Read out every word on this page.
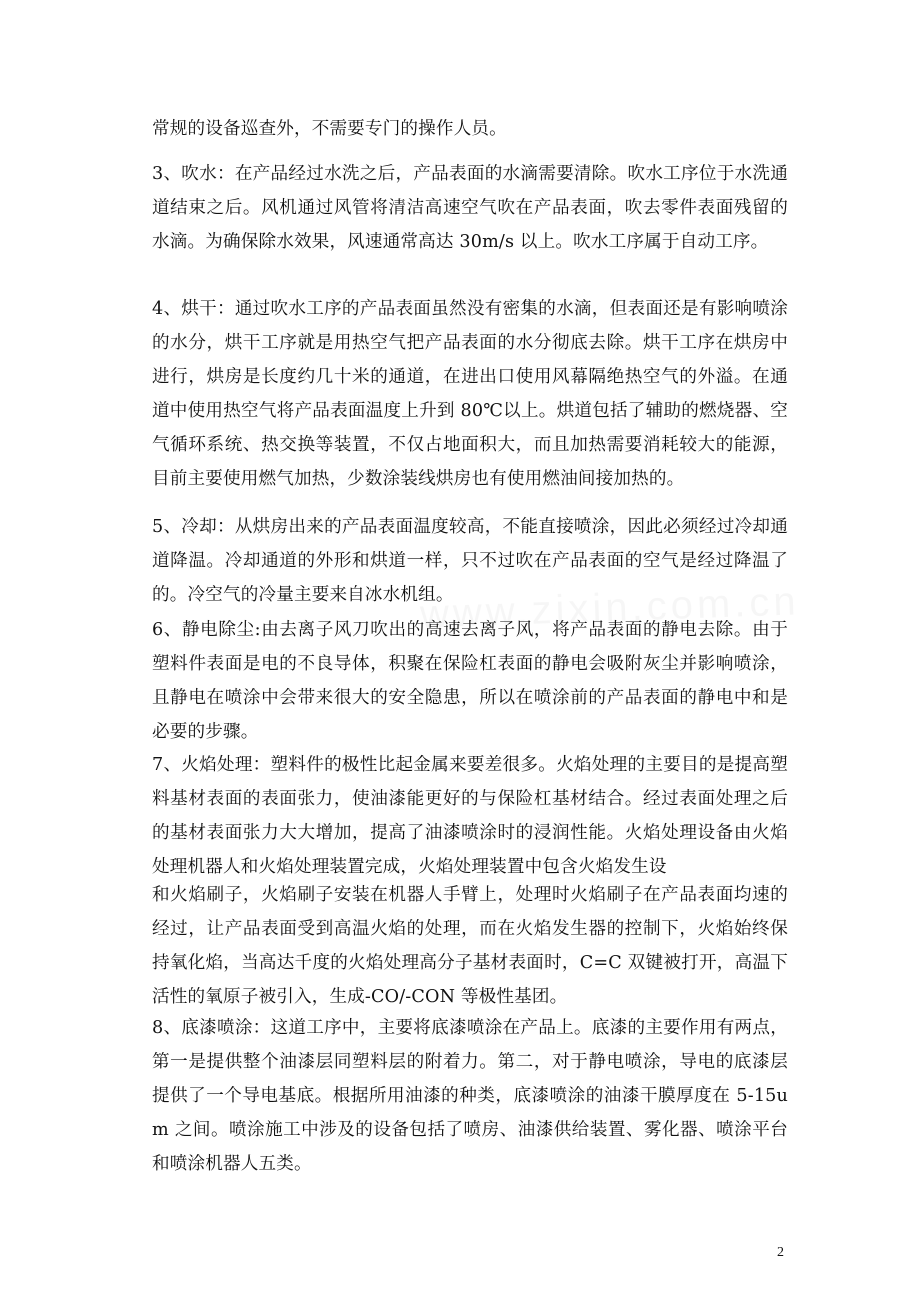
常规的设备巡查外，不需要专门的操作人员。

3、吹水：在产品经过水洗之后，产品表面的水滴需要清除。吹水工序位于水洗通道结束之后。风机通过风管将清洁高速空气吹在产品表面，吹去零件表面残留的水滴。为确保除水效果，风速通常高达 30m/s 以上。吹水工序属于自动工序。

4、烘干：通过吹水工序的产品表面虽然没有密集的水滴，但表面还是有影响喷涂的水分，烘干工序就是用热空气把产品表面的水分彻底去除。烘干工序在烘房中进行，烘房是长度约几十米的通道，在进出口使用风幕隔绝热空气的外溢。在通道中使用热空气将产品表面温度上升到 80℃以上。烘道包括了辅助的燃烧器、空气循环系统、热交换等装置，不仅占地面积大，而且加热需要消耗较大的能源，目前主要使用燃气加热，少数涂装线烘房也有使用燃油间接加热的。

5、冷却：从烘房出来的产品表面温度较高，不能直接喷涂，因此必须经过冷却通道降温。冷却通道的外形和烘道一样，只不过吹在产品表面的空气是经过降温了的。冷空气的冷量主要来自冰水机组。

6、静电除尘:由去离子风刀吹出的高速去离子风，将产品表面的静电去除。由于塑料件表面是电的不良导体，积聚在保险杠表面的静电会吸附灰尘并影响喷涂，且静电在喷涂中会带来很大的安全隐患，所以在喷涂前的产品表面的静电中和是必要的步骤。

7、火焰处理：塑料件的极性比起金属来要差很多。火焰处理的主要目的是提高塑料基材表面的表面张力，使油漆能更好的与保险杠基材结合。经过表面处理之后的基材表面张力大大增加，提高了油漆喷涂时的浸润性能。火焰处理设备由火焰处理机器人和火焰处理装置完成，火焰处理装置中包含火焰发生设

和火焰刷子，火焰刷子安装在机器人手臂上，处理时火焰刷子在产品表面均速的经过，让产品表面受到高温火焰的处理，而在火焰发生器的控制下，火焰始终保持氧化焰，当高达千度的火焰处理高分子基材表面时，C=C 双键被打开，高温下活性的氧原子被引入，生成-CO/-CON 等极性基团。

8、底漆喷涂：这道工序中，主要将底漆喷涂在产品上。底漆的主要作用有两点，第一是提供整个油漆层同塑料层的附着力。第二，对于静电喷涂，导电的底漆层提供了一个导电基底。根据所用油漆的种类，底漆喷涂的油漆干膜厚度在 5-15um 之间。喷涂施工中涉及的设备包括了喷房、油漆供给装置、雾化器、喷涂平台和喷涂机器人五类。

2
